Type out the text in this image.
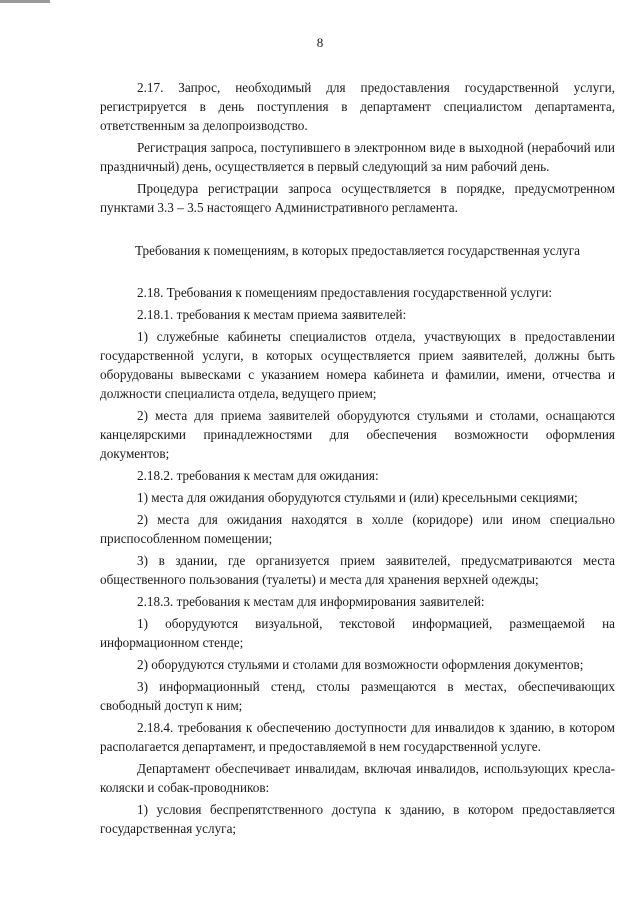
8

2.17. Запрос, необходимый для предоставления государственной услуги, регистрируется в день поступления в департамент специалистом департамента, ответственным за делопроизводство.

Регистрация запроса, поступившего в электронном виде в выходной (нерабочий или праздничный) день, осуществляется в первый следующий за ним рабочий день.

Процедура регистрации запроса осуществляется в порядке, предусмотренном пунктами 3.3 – 3.5 настоящего Административного регламента.

Требования к помещениям, в которых предоставляется государственная услуга

2.18. Требования к помещениям предоставления государственной услуги:

2.18.1. требования к местам приема заявителей:

1) служебные кабинеты специалистов отдела, участвующих в предоставлении государственной услуги, в которых осуществляется прием заявителей, должны быть оборудованы вывесками с указанием номера кабинета и фамилии, имени, отчества и должности специалиста отдела, ведущего прием;

2) места для приема заявителей оборудуются стульями и столами, оснащаются канцелярскими принадлежностями для обеспечения возможности оформления документов;

2.18.2. требования к местам для ожидания:

1) места для ожидания оборудуются стульями и (или) кресельными секциями;

2) места для ожидания находятся в холле (коридоре) или ином специально приспособленном помещении;

3) в здании, где организуется прием заявителей, предусматриваются места общественного пользования (туалеты) и места для хранения верхней одежды;

2.18.3. требования к местам для информирования заявителей:

1) оборудуются визуальной, текстовой информацией, размещаемой на информационном стенде;

2) оборудуются стульями и столами для возможности оформления документов;

3) информационный стенд, столы размещаются в местах, обеспечивающих свободный доступ к ним;

2.18.4. требования к обеспечению доступности для инвалидов к зданию, в котором располагается департамент, и предоставляемой в нем государственной услуге.

Департамент обеспечивает инвалидам, включая инвалидов, использующих кресла-коляски и собак-проводников:

1) условия беспрепятственного доступа к зданию, в котором предоставляется государственная услуга;
